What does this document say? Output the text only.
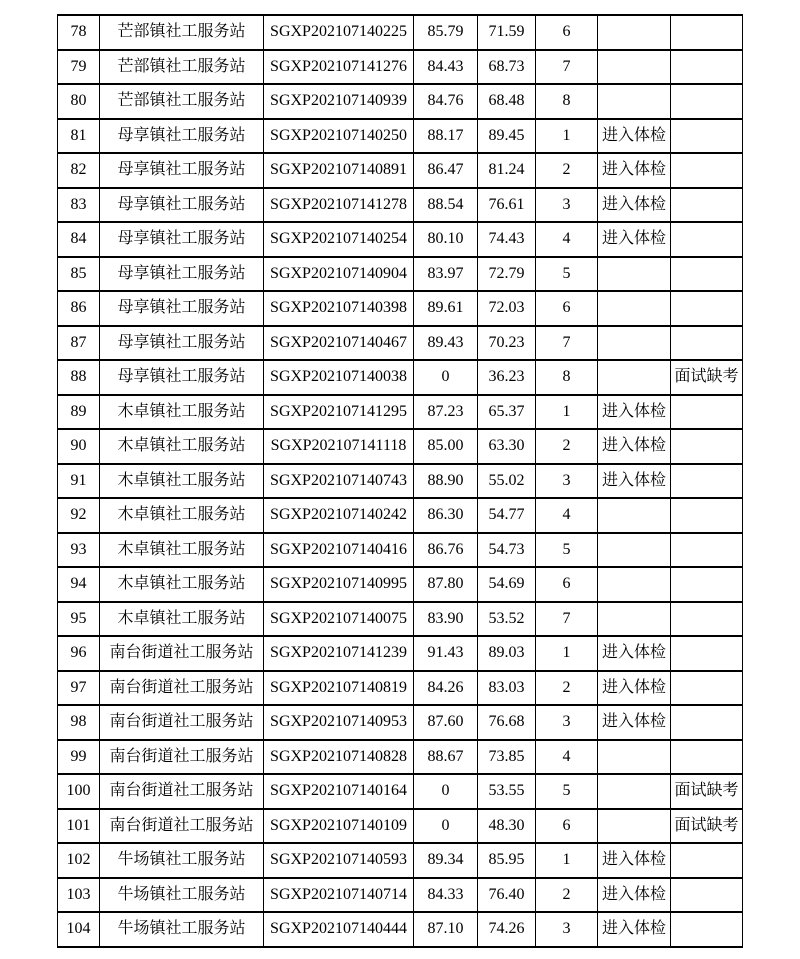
78	芒部镇社工服务站	SGXP202107140225	85.79	71.59	6		
79	芒部镇社工服务站	SGXP202107141276	84.43	68.73	7		
80	芒部镇社工服务站	SGXP202107140939	84.76	68.48	8		
81	母享镇社工服务站	SGXP202107140250	88.17	89.45	1	进入体检	
82	母享镇社工服务站	SGXP202107140891	86.47	81.24	2	进入体检	
83	母享镇社工服务站	SGXP202107141278	88.54	76.61	3	进入体检	
84	母享镇社工服务站	SGXP202107140254	80.10	74.43	4	进入体检	
85	母享镇社工服务站	SGXP202107140904	83.97	72.79	5		
86	母享镇社工服务站	SGXP202107140398	89.61	72.03	6		
87	母享镇社工服务站	SGXP202107140467	89.43	70.23	7		
88	母享镇社工服务站	SGXP202107140038	0	36.23	8		面试缺考
89	木卓镇社工服务站	SGXP202107141295	87.23	65.37	1	进入体检	
90	木卓镇社工服务站	SGXP202107141118	85.00	63.30	2	进入体检	
91	木卓镇社工服务站	SGXP202107140743	88.90	55.02	3	进入体检	
92	木卓镇社工服务站	SGXP202107140242	86.30	54.77	4		
93	木卓镇社工服务站	SGXP202107140416	86.76	54.73	5		
94	木卓镇社工服务站	SGXP202107140995	87.80	54.69	6		
95	木卓镇社工服务站	SGXP202107140075	83.90	53.52	7		
96	南台街道社工服务站	SGXP202107141239	91.43	89.03	1	进入体检	
97	南台街道社工服务站	SGXP202107140819	84.26	83.03	2	进入体检	
98	南台街道社工服务站	SGXP202107140953	87.60	76.68	3	进入体检	
99	南台街道社工服务站	SGXP202107140828	88.67	73.85	4		
100	南台街道社工服务站	SGXP202107140164	0	53.55	5		面试缺考
101	南台街道社工服务站	SGXP202107140109	0	48.30	6		面试缺考
102	牛场镇社工服务站	SGXP202107140593	89.34	85.95	1	进入体检	
103	牛场镇社工服务站	SGXP202107140714	84.33	76.40	2	进入体检	
104	牛场镇社工服务站	SGXP202107140444	87.10	74.26	3	进入体检	
